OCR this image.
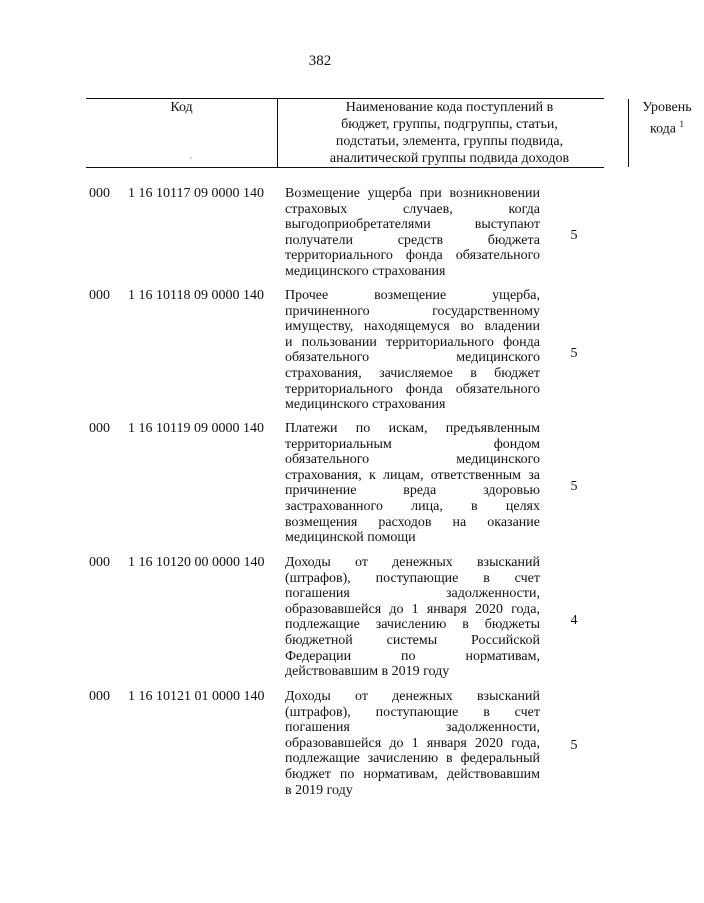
382
Код
,
Наименование кода поступлений в
бюджет, группы, подгруппы, статьи,
подстатьи, элемента, группы подвида,
аналитической группы подвида доходов
Уровень
кода $^1$
000 1 16 10117 09 0000 140 Возмещение ущерба при возникновении
страховых случаев, когда
выгодоприобретателями выступают
получатели средств бюджета
территориального фонда обязательного
медицинского страхования
5
000 1 16 10118 09 0000 140 Прочее возмещение ущерба,
причиненного государственному
имуществу, находящемуся во владении
и пользовании территориального фонда
обязательного медицинского
страхования, зачисляемое в бюджет
территориального фонда обязательного
медицинского страхования
5
000 1 16 10119 09 0000 140 Платежи по искам, предъявленным
территориальным фондом
обязательного медицинского
страхования, к лицам, ответственным за
причинение вреда здоровью
застрахованного лица, в целях
возмещения расходов на оказание
медицинской помощи
5
000 1 16 10120 00 0000 140 Доходы от денежных взысканий
(штрафов), поступающие в счет
погашения задолженности,
образовавшейся до 1 января 2020 года,
подлежащие зачислению в бюджеты
бюджетной системы Российской
Федерации по нормативам,
действовавшим в 2019 году
4
000 1 16 10121 01 0000 140 Доходы от денежных взысканий
(штрафов), поступающие в счет
погашения задолженности,
образовавшейся до 1 января 2020 года,
подлежащие зачислению в федеральный
бюджет по нормативам, действовавшим
в 2019 году
5
